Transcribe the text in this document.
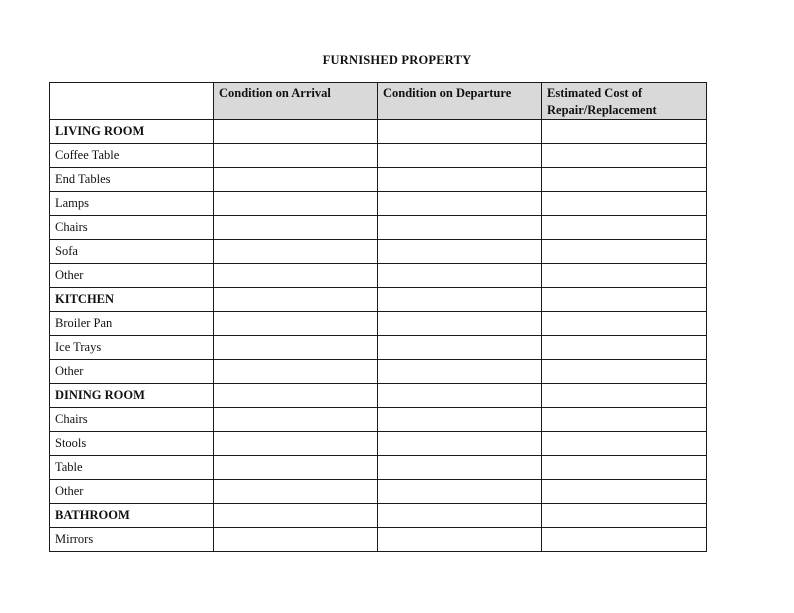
FURNISHED PROPERTY
	Condition on Arrival	Condition on Departure	Estimated Cost of Repair/Replacement
LIVING ROOM			
Coffee Table			
End Tables			
Lamps			
Chairs			
Sofa			
Other			
KITCHEN			
Broiler Pan			
Ice Trays			
Other			
DINING ROOM			
Chairs			
Stools			
Table			
Other			
BATHROOM			
Mirrors			
